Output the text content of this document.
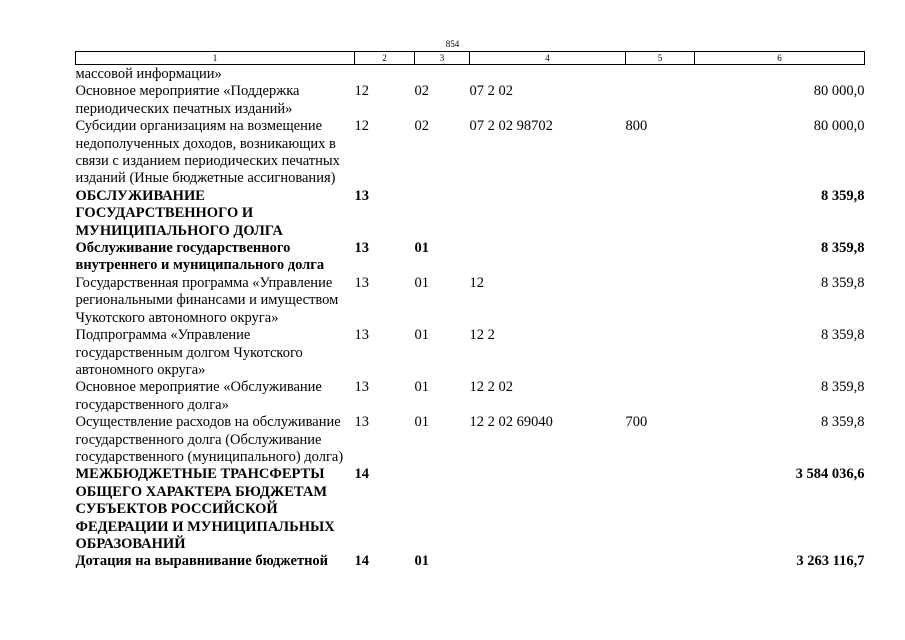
854
1	2	3	4	5	6
массовой информации»					
Основное мероприятие «Поддержка периодических печатных изданий»	12	02	07 2 02		80 000,0
Субсидии организациям на возмещение недополученных доходов, возникающих в связи с изданием периодических печатных изданий (Иные бюджетные ассигнования)	12	02	07 2 02 98702	800	80 000,0
ОБСЛУЖИВАНИЕ ГОСУДАРСТВЕННОГО И МУНИЦИПАЛЬНОГО ДОЛГА	13				8 359,8
Обслуживание государственного внутреннего и муниципального долга	13	01			8 359,8
Государственная программа «Управление региональными финансами и имуществом Чукотского автономного округа»	13	01	12		8 359,8
Подпрограмма «Управление государственным долгом Чукотского автономного округа»	13	01	12 2		8 359,8
Основное мероприятие «Обслуживание государственного долга»	13	01	12 2 02		8 359,8
Осуществление расходов на обслуживание государственного долга (Обслуживание государственного (муниципального) долга)	13	01	12 2 02 69040	700	8 359,8
МЕЖБЮДЖЕТНЫЕ ТРАНСФЕРТЫ ОБЩЕГО ХАРАКТЕРА БЮДЖЕТАМ СУБЪЕКТОВ РОССИЙСКОЙ ФЕДЕРАЦИИ И МУНИЦИПАЛЬНЫХ ОБРАЗОВАНИЙ	14				3 584 036,6
Дотация на выравнивание бюджетной	14	01			3 263 116,7
